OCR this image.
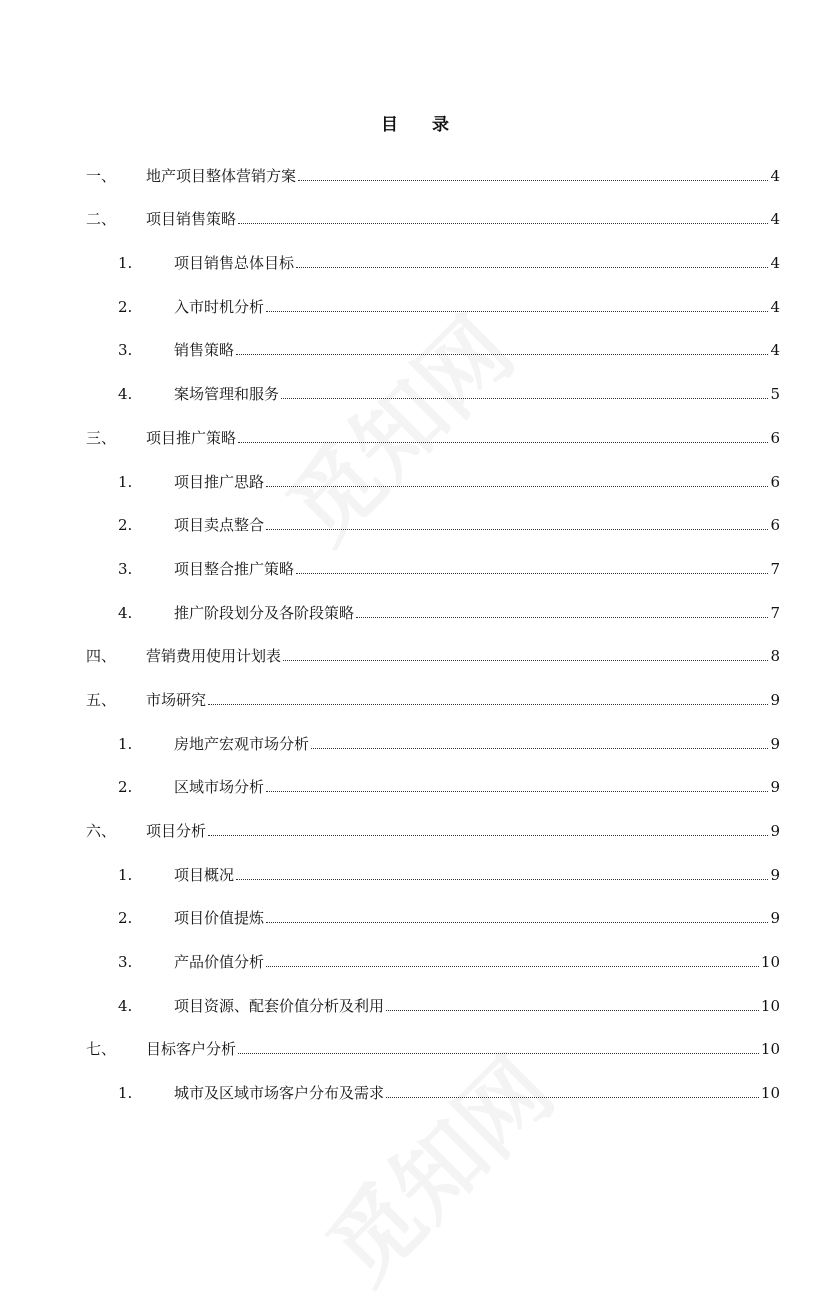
目 录
一、	地产项目整体营销方案	4
二、	项目销售策略	4
1.	项目销售总体目标	4
2.	入市时机分析	4
3.	销售策略	4
4.	案场管理和服务	5
三、	项目推广策略	6
1.	项目推广思路	6
2.	项目卖点整合	6
3.	项目整合推广策略	7
4.	推广阶段划分及各阶段策略	7
四、	营销费用使用计划表	8
五、	市场研究	9
1.	房地产宏观市场分析	9
2.	区域市场分析	9
六、	项目分析	9
1.	项目概况	9
2.	项目价值提炼	9
3.	产品价值分析	10
4.	项目资源、配套价值分析及利用	10
七、	目标客户分析	10
1.	城市及区域市场客户分布及需求	10
